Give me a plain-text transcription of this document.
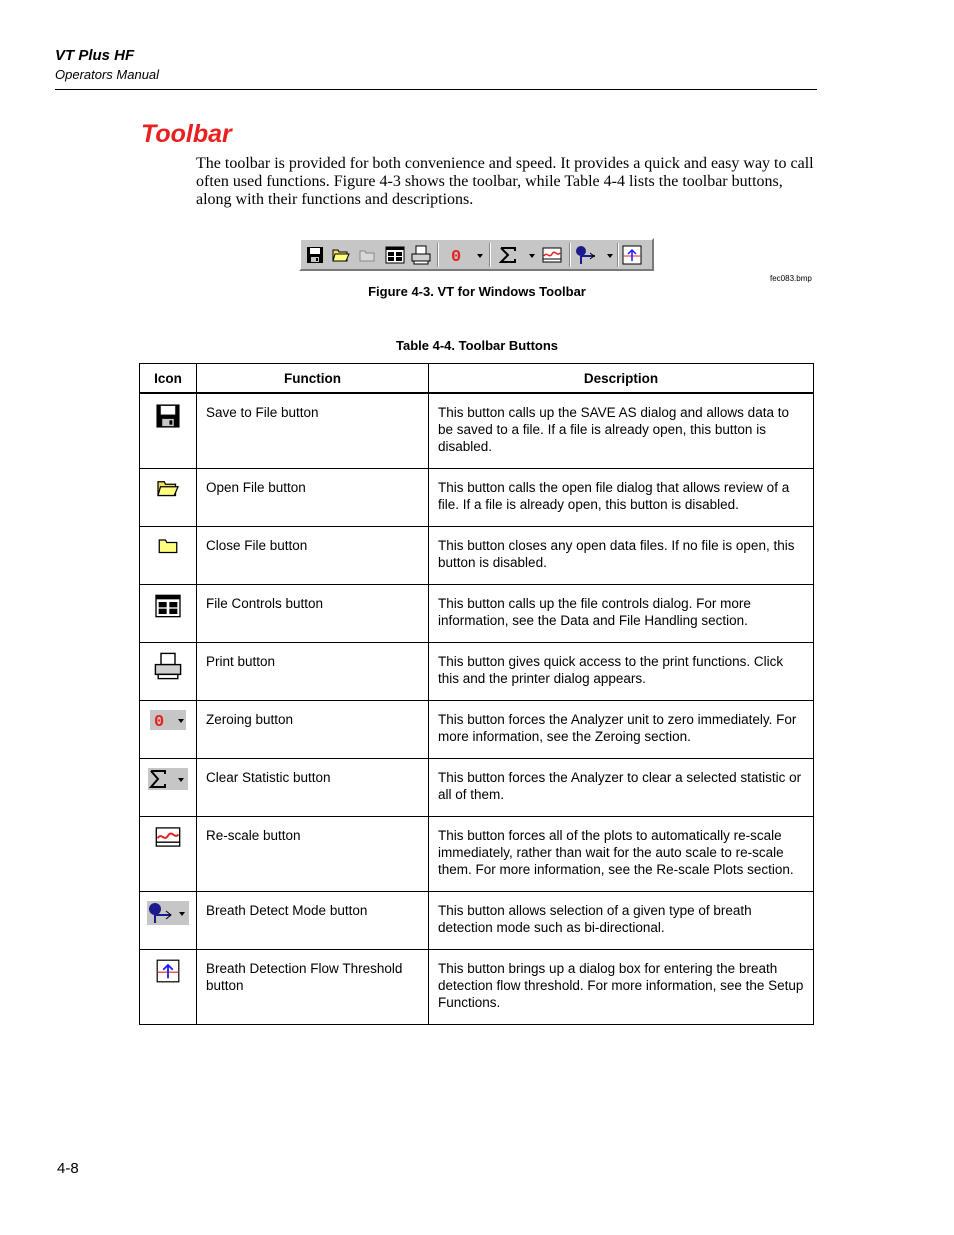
VT Plus HF
Operators Manual
Toolbar

The toolbar is provided for both convenience and speed. It provides a quick and easy way to call often used functions. Figure 4-3 shows the toolbar, while Table 4-4 lists the toolbar buttons, along with their functions and descriptions.

0
fec083.bmp
Figure 4-3. VT for Windows Toolbar
Table 4-4. Toolbar Buttons
Icon	Function	Description

	Save to File button	This button calls up the SAVE AS dialog and allows data to be saved to a file. If a file is already open, this button is disabled.

	Open File button	This button calls the open file dialog that allows review of a file. If a file is already open, this button is disabled.

	Close File button	This button closes any open data files. If no file is open, this button is disabled.

	File Controls button	This button calls up the file controls dialog. For more information, see the Data and File Handling section.

	Print button	This button gives quick access to the print functions. Click this and the printer dialog appears.

0	Zeroing button	This button forces the Analyzer unit to zero immediately. For more information, see the Zeroing section.

	Clear Statistic button	This button forces the Analyzer to clear a selected statistic or all of them.

	Re-scale button	This button forces all of the plots to automatically re-scale immediately, rather than wait for the auto scale to re-scale them. For more information, see the Re-scale Plots section.

	Breath Detect Mode button	This button allows selection of a given type of breath detection mode such as bi-directional.

	Breath Detection Flow Threshold button	This button brings up a dialog box for entering the breath detection flow threshold. For more information, see the Setup Functions.
4-8
